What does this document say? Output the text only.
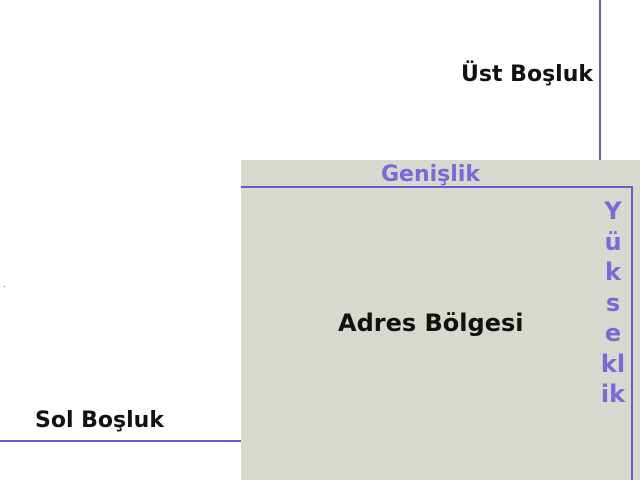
Üst Boşluk
Genişlik
Yükseklik
Adres Bölgesi
Sol Boşluk
